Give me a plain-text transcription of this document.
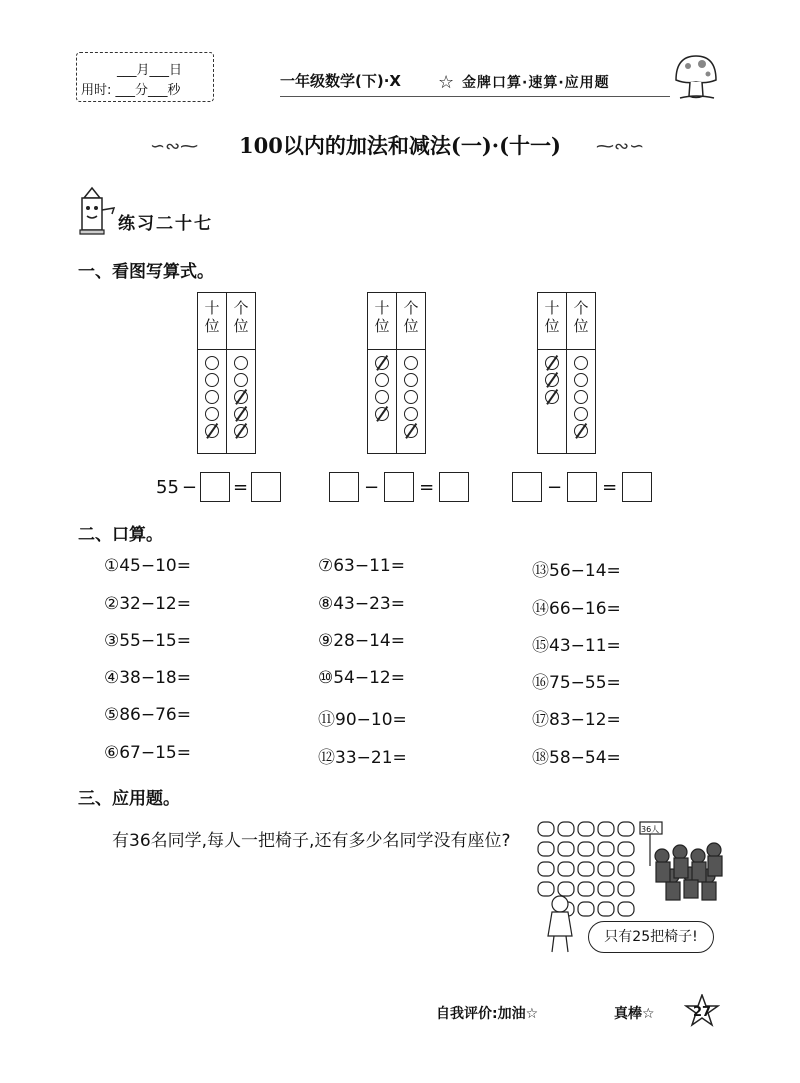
___月___日
用时: ___分___秒
一年级数学(下)·X ☆ 金牌口算·速算·应用题
∽∾⁓	100以内的加法和减法(一)·(十一)	⁓∾∽
练习二十七
一、看图写算式。
十
位
个
位
十
位
个
位
十
位
个
位
55 − =	− =	− =
二、口算。
①45−10=	⑦63−11=	⑬56−14=
②32−12=	⑧43−23=	⑭66−16=
③55−15=	⑨28−14=	⑮43−11=
④38−18=	⑩54−12=	⑯75−55=
⑤86−76=	⑪90−10=	⑰83−12=
⑥67−15=	⑫33−21=	⑱58−54=
三、应用题。
有36名同学,每人一把椅子,还有多少名同学没有座位?
36人
只有25把椅子!
自我评价:加油☆	真棒☆	27
